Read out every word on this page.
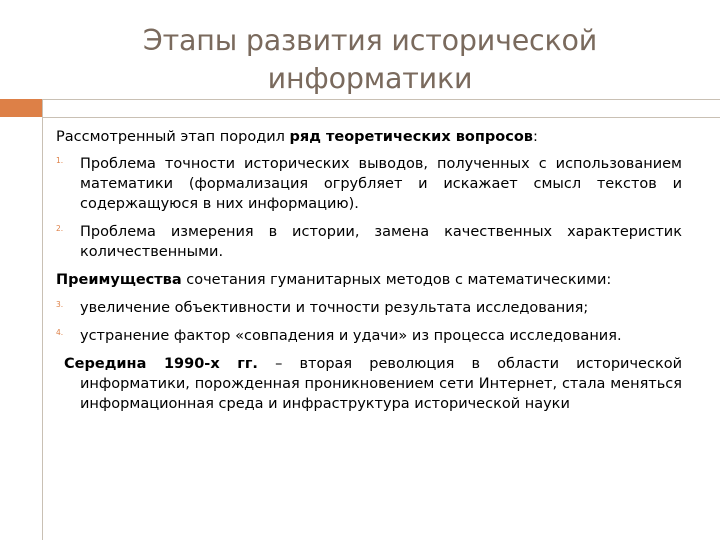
Этапы развития исторической
информатики
Рассмотренный этап породил ряд теоретических вопросов:
1. Проблема точности исторических выводов, полученных с использованием математики (формализация огрубляет и искажает смысл текстов и содержащуюся в них информацию).
2. Проблема измерения в истории, замена качественных характеристик количественными.
Преимущества сочетания гуманитарных методов с математическими:
3. увеличение объективности и точности результата исследования;
4. устранение фактор «совпадения и удачи» из процесса исследования.
Середина 1990-х гг. – вторая революция в области исторической информатики, порожденная проникновением сети Интернет, стала меняться информационная среда и инфраструктура исторической науки
